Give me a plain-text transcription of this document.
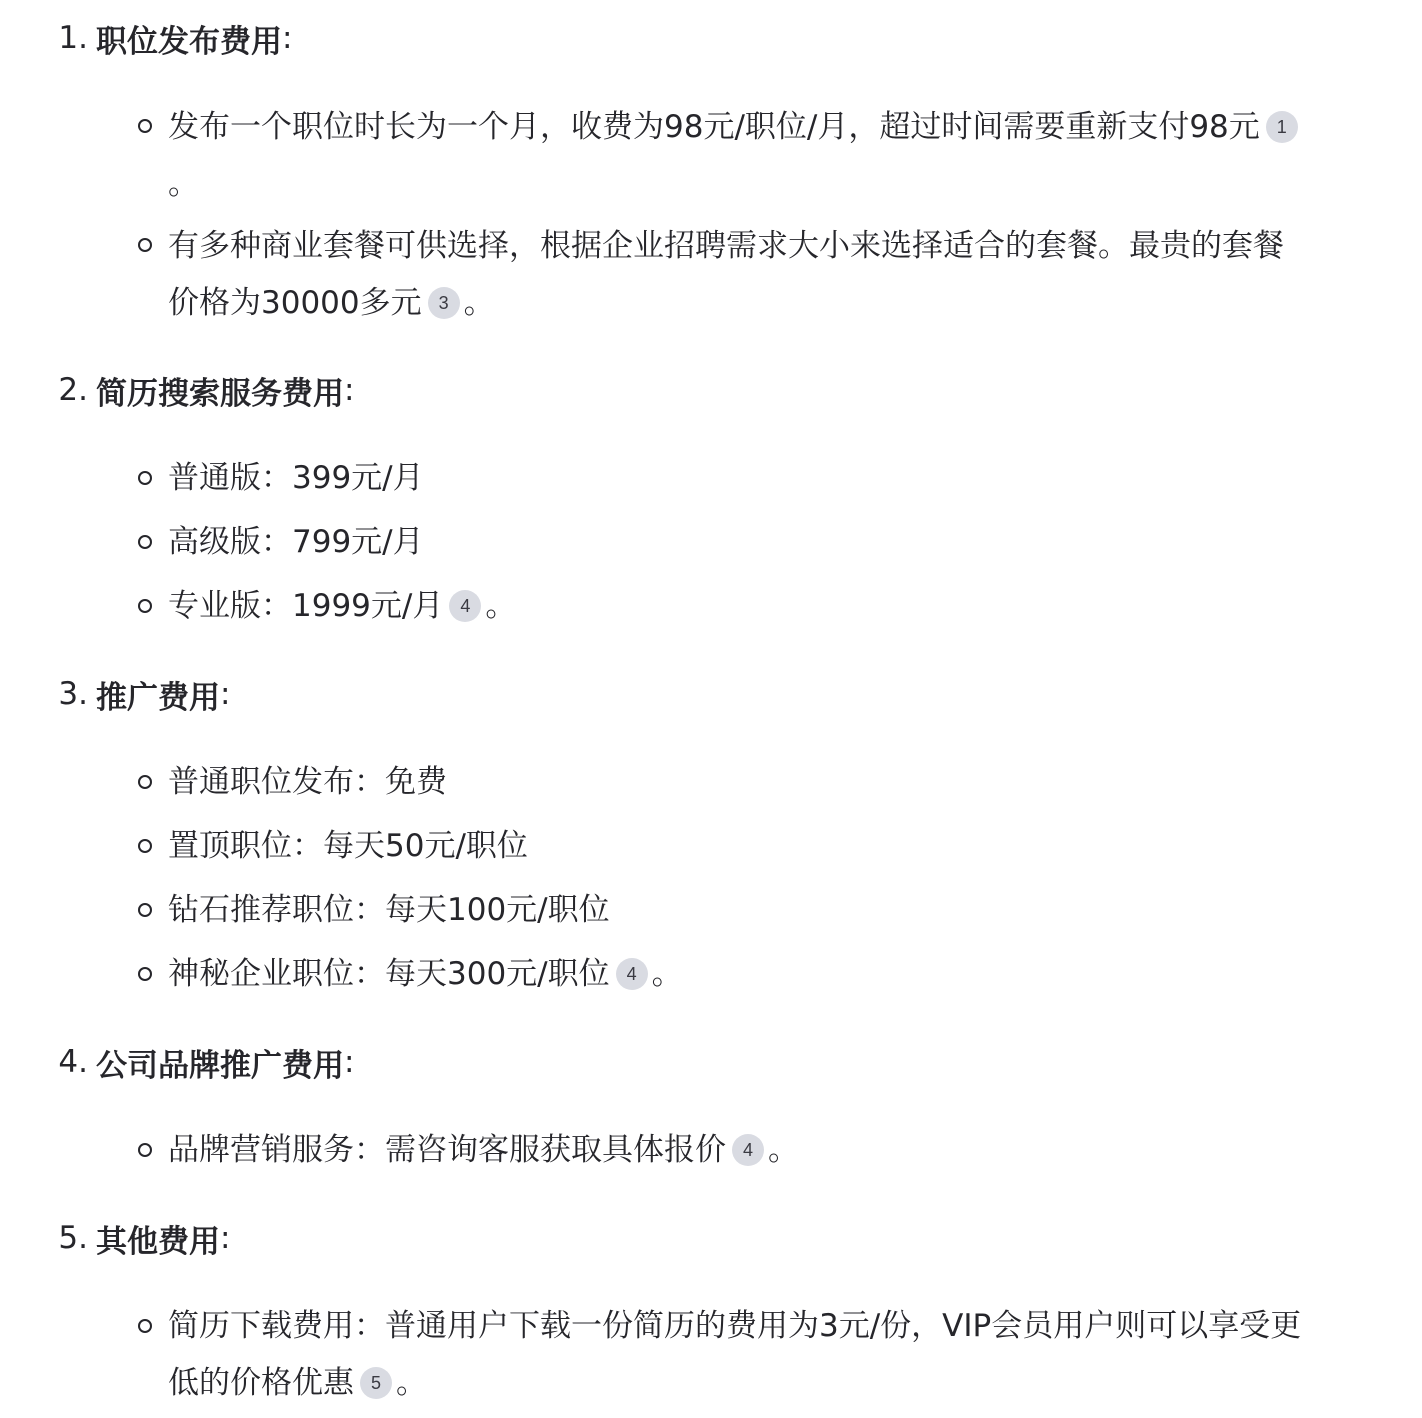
1. 职位发布费用 :
发布一个职位时长为一个月，收费为98元/职位/月，超过时间需要重新支付98元 1
。
有多种商业套餐可供选择，根据企业招聘需求大小来选择适合的套餐。最贵的套餐
价格为30000多元 3 。
2. 简历搜索服务费用 :
普通版：399元/月
高级版：799元/月
专业版：1999元/月 4 。
3. 推广费用 :
普通职位发布：免费
置顶职位：每天50元/职位
钻石推荐职位：每天100元/职位
神秘企业职位：每天300元/职位 4 。
4. 公司品牌推广费用 :
品牌营销服务：需咨询客服获取具体报价 4 。
5. 其他费用 :
简历下载费用：普通用户下载一份简历的费用为3元/份，VIP会员用户则可以享受更
低的价格优惠 5 。
